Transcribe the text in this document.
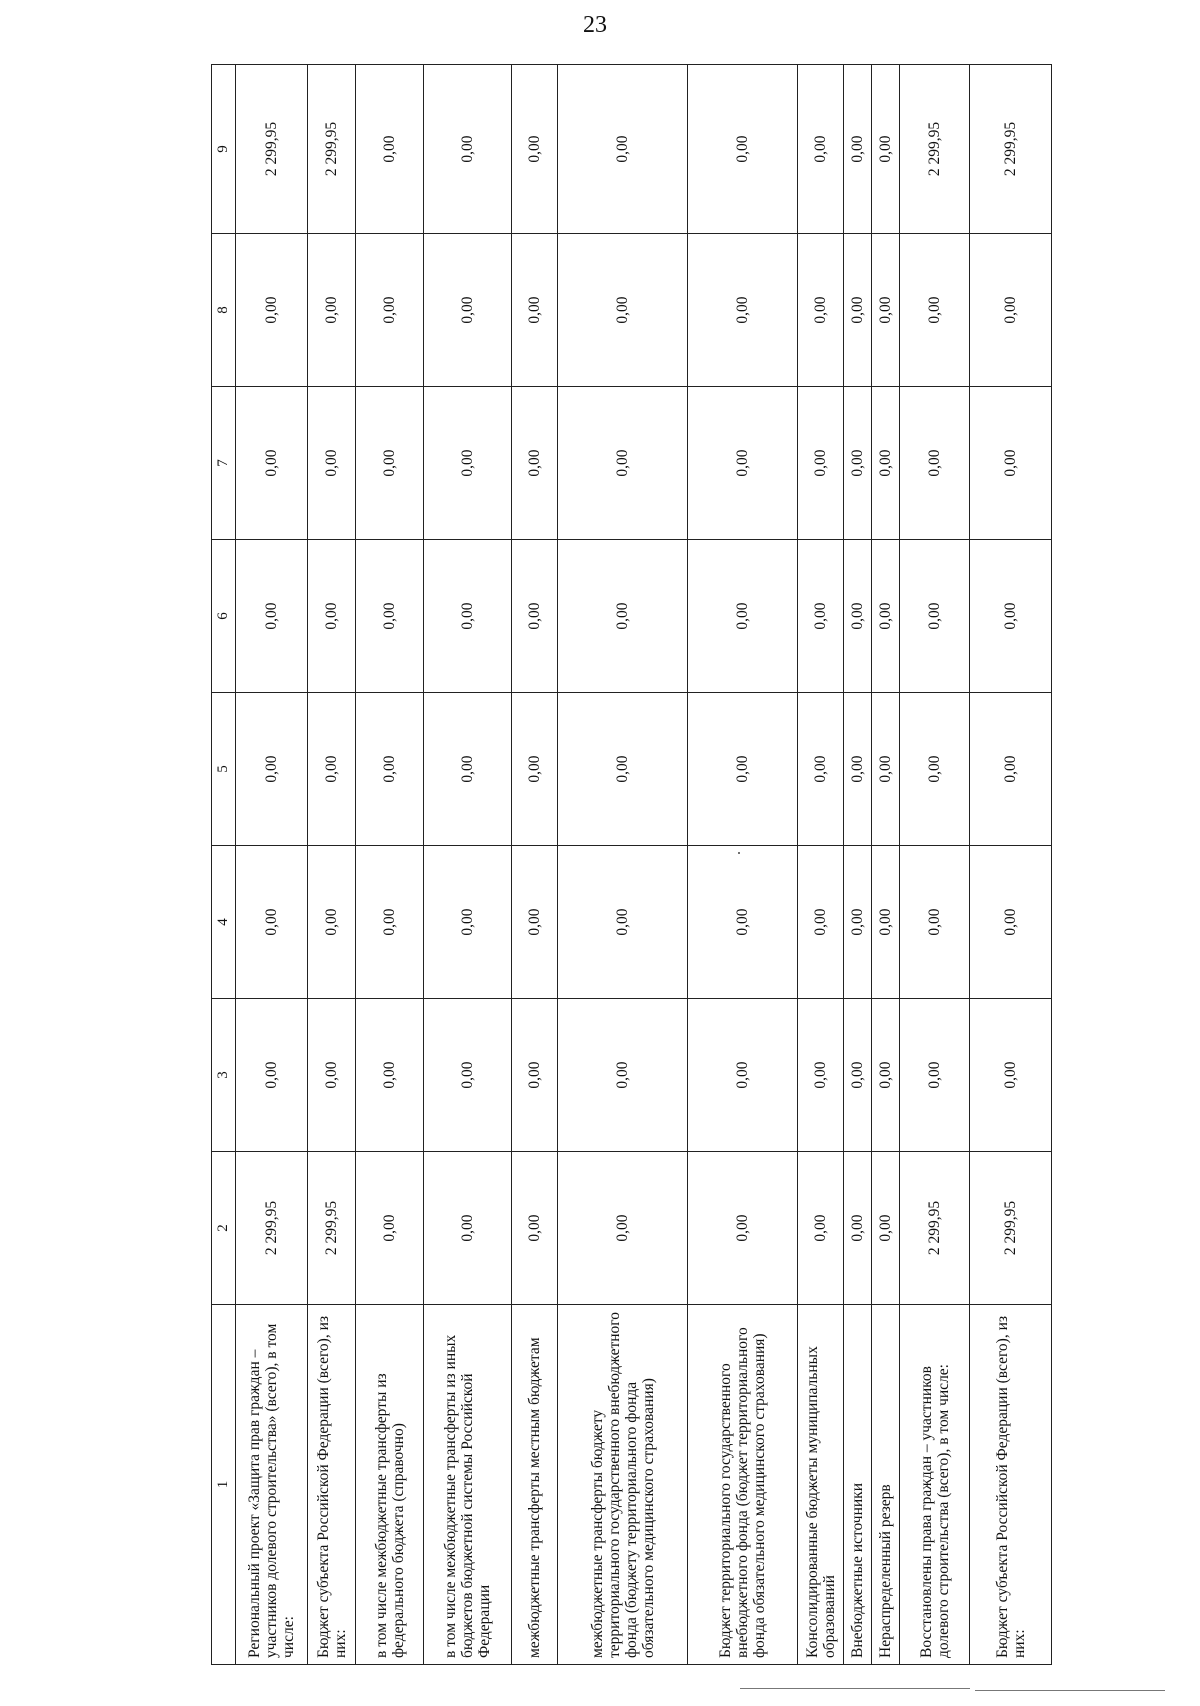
23
1	2	3	4	5	6	7	8	9
Региональный проект «Защита прав граждан – участников долевого строительства» (всего), в том числе:	2 299,95	0,00	0,00	0,00	0,00	0,00	0,00	2 299,95
Бюджет субъекта Российской Федерации (всего), из них:	2 299,95	0,00	0,00	0,00	0,00	0,00	0,00	2 299,95
в том числе межбюджетные трансферты из федерального бюджета (справочно)	0,00	0,00	0,00	0,00	0,00	0,00	0,00	0,00
в том числе межбюджетные трансферты из иных бюджетов бюджетной системы Российской Федерации	0,00	0,00	0,00	0,00	0,00	0,00	0,00	0,00
межбюджетные трансферты местным бюджетам	0,00	0,00	0,00	0,00	0,00	0,00	0,00	0,00
межбюджетные трансферты бюджету территориального государственного внебюджетного фонда (бюджету территориального фонда обязательного медицинского страхования)	0,00	0,00	0,00	0,00	0,00	0,00	0,00	0,00
Бюджет территориального государственного внебюджетного фонда (бюджет территориального фонда обязательного медицинского страхования)	0,00	0,00	0,00	0,00	0,00	0,00	0,00	0,00
Консолидированные бюджеты муниципальных образований	0,00	0,00	0,00	0,00	0,00	0,00	0,00	0,00
Внебюджетные источники	0,00	0,00	0,00	0,00	0,00	0,00	0,00	0,00
Нераспределенный резерв	0,00	0,00	0,00	0,00	0,00	0,00	0,00	0,00
Восстановлены права граждан – участников долевого строительства (всего), в том числе:	2 299,95	0,00	0,00	0,00	0,00	0,00	0,00	2 299,95
Бюджет субъекта Российской Федерации (всего), из них:	2 299,95	0,00	0,00	0,00	0,00	0,00	0,00	2 299,95
